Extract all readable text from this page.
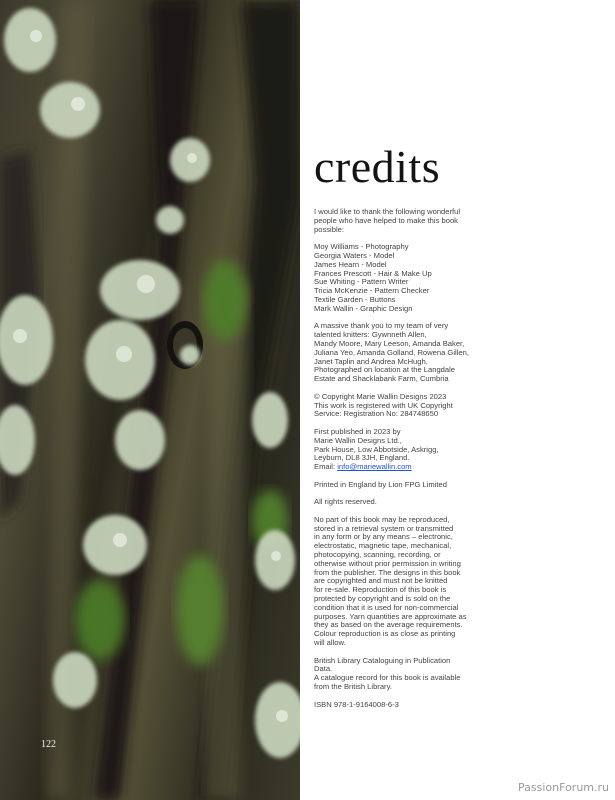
122
credits
I would like to thank the following wonderful
people who have helped to make this book
possible:
Moy Williams - Photography
Georgia Waters - Model
James Hearn - Model
Frances Prescott - Hair & Make Up
Sue Whiting - Pattern Writer
Tricia McKenzie - Pattern Checker
Textile Garden - Buttons
Mark Wallin - Graphic Design
A massive thank you to my team of very
talented knitters: Gywnneth Allen,
Mandy Moore, Mary Leeson, Amanda Baker,
Juliana Yeo, Amanda Golland, Rowena Gillen,
Janet Taplin and Andrea McHugh.
Photographed on location at the Langdale
Estate and Shacklabank Farm, Cumbria
© Copyright Marie Wallin Designs 2023
This work is registered with UK Copyright
Service: Registration No: 284748650
First published in 2023 by
Marie Wallin Designs Ltd.,
Park House, Low Abbotside, Askrigg,
Leyburn, DL8 3JH, England.
Email: info@mariewallin.com
Printed in England by Lion FPG Limited
All rights reserved.
No part of this book may be reproduced,
stored in a retrieval system or transmitted
in any form or by any means – electronic,
electrostatic, magnetic tape, mechanical,
photocopying, scanning, recording, or
otherwise without prior permission in writing
from the publisher. The designs in this book
are copyrighted and must not be knitted
for re-sale. Reproduction of this book is
protected by copyright and is sold on the
condition that it is used for non-commercial
purposes. Yarn quantities are approximate as
they as based on the average requirements.
Colour reproduction is as close as printing
will allow.
British Library Cataloguing in Publication
Data.
A catalogue record for this book is available
from the British Library.
ISBN 978-1-9164008-6-3
PassionForum.ru
